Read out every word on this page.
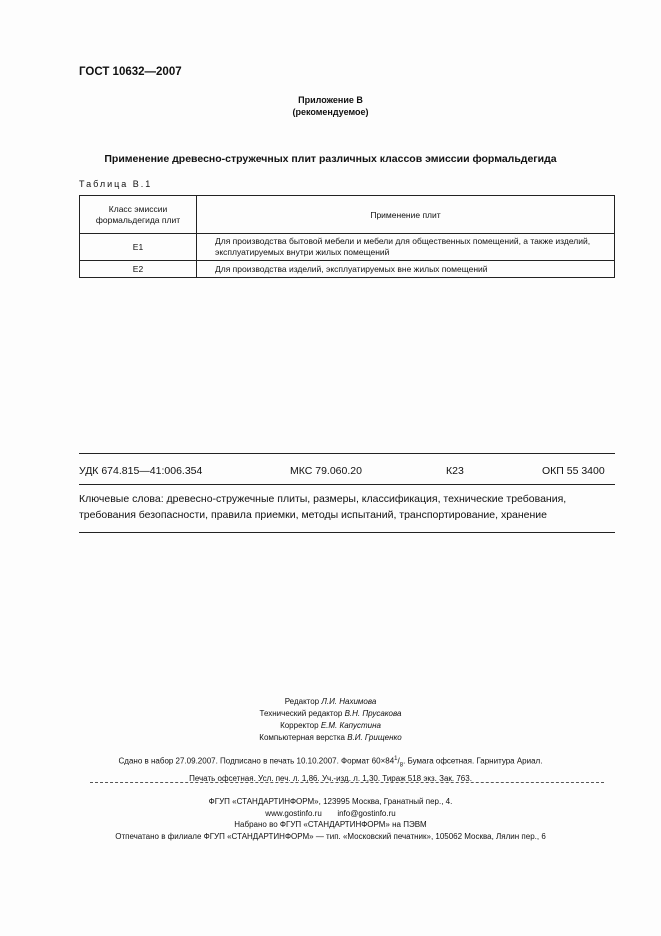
ГОСТ 10632—2007
Приложение В
(рекомендуемое)
Применение древесно-стружечных плит различных классов эмиссии формальдегида
Таблица В.1
Класс эмиссии формальдегида плит	Применение плит
Е1	Для производства бытовой мебели и мебели для общественных помещений, а также изделий, эксплуатируемых внутри жилых помещений
Е2	Для производства изделий, эксплуатируемых вне жилых помещений
УДК 674.815—41:006.354	МКС 79.060.20	К23	ОКП 55 3400
Ключевые слова: древесно-стружечные плиты, размеры, классификация, технические требования, требования безопасности, правила приемки, методы испытаний, транспортирование, хранение
Редактор Л.И. Нахимова
Технический редактор В.Н. Прусакова
Корректор Е.М. Капустина
Компьютерная верстка В.И. Грищенко
Сдано в набор 27.09.2007. Подписано в печать 10.10.2007. Формат $60\times 84^1/_8$. Бумага офсетная. Гарнитура Ариал.
Печать офсетная. Усл. печ. л. 1,86. Уч.-изд. л. 1,30. Тираж 518 экз. Зак. 763.
ФГУП «СТАНДАРТИНФОРМ», 123995 Москва, Гранатный пер., 4.
www.gostinfo.ru info@gostinfo.ru
Набрано во ФГУП «СТАНДАРТИНФОРМ» на ПЭВМ
Отпечатано в филиале ФГУП «СТАНДАРТИНФОРМ» — тип. «Московский печатник», 105062 Москва, Лялин пер., 6
